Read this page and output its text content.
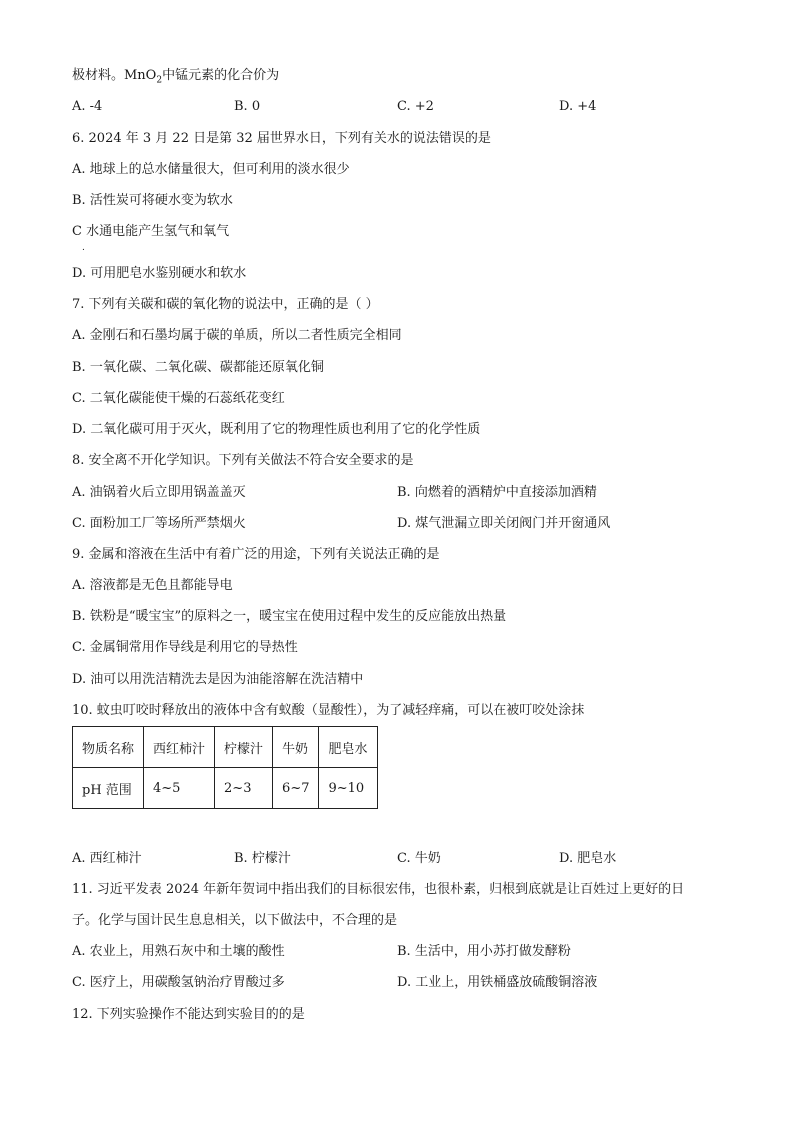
极材料。MnO$_2$中锰元素的化合价为
A. -4	B. 0	C. +2	D. +4
6. 2024 年 3 月 22 日是第 32 届世界水日，下列有关水的说法错误的是
A. 地球上的总水储量很大，但可利用的淡水很少
B. 活性炭可将硬水变为软水
C 水通电能产生氢气和氧气
.
D. 可用肥皂水鉴别硬水和软水
7. 下列有关碳和碳的氧化物的说法中，正确的是（ ）
A. 金刚石和石墨均属于碳的单质，所以二者性质完全相同
B. 一氧化碳、二氧化碳、碳都能还原氧化铜
C. 二氧化碳能使干燥的石蕊纸花变红
D. 二氧化碳可用于灭火，既利用了它的物理性质也利用了它的化学性质
8. 安全离不开化学知识。下列有关做法不符合安全要求的是
A. 油锅着火后立即用锅盖盖灭	B. 向燃着的酒精炉中直接添加酒精
C. 面粉加工厂等场所严禁烟火	D. 煤气泄漏立即关闭阀门并开窗通风
9. 金属和溶液在生活中有着广泛的用途，下列有关说法正确的是
A. 溶液都是无色且都能导电
B. 铁粉是“暖宝宝”的原料之一，暖宝宝在使用过程中发生的反应能放出热量
C. 金属铜常用作导线是利用它的导热性
D. 油可以用洗洁精洗去是因为油能溶解在洗洁精中
10. 蚊虫叮咬时释放出的液体中含有蚁酸（显酸性），为了减轻痒痛，可以在被叮咬处涂抹
物质名称	西红柿汁	柠檬汁	牛奶	肥皂水
pH 范围	4~5	2~3	6~7	9~10
A. 西红柿汁	B. 柠檬汁	C. 牛奶	D. 肥皂水
11. 习近平发表 2024 年新年贺词中指出我们的目标很宏伟，也很朴素，归根到底就是让百姓过上更好的日
子。化学与国计民生息息相关，以下做法中，不合理的是
A. 农业上，用熟石灰中和土壤的酸性	B. 生活中，用小苏打做发酵粉
C. 医疗上，用碳酸氢钠治疗胃酸过多	D. 工业上，用铁桶盛放硫酸铜溶液
12. 下列实验操作不能达到实验目的的是
